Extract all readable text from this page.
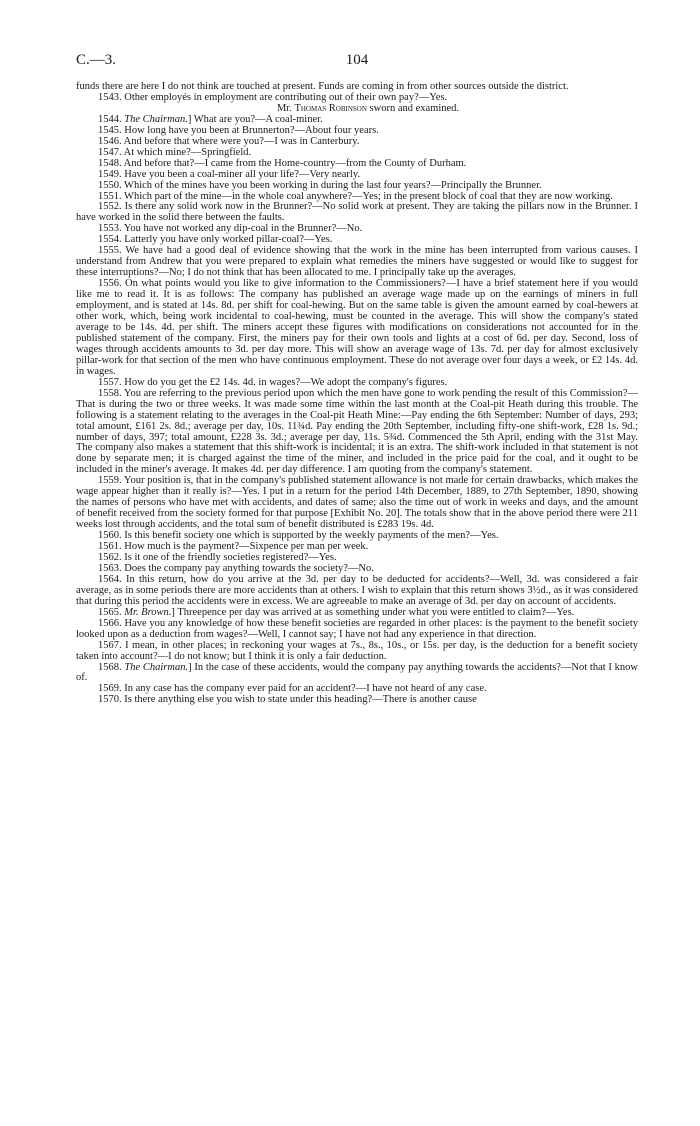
104
C.—3.

funds there are here I do not think are touched at present. Funds are coming in from other sources outside the district.

1543. Other employés in employment are contributing out of their own pay?—Yes.

Mr. Thomas Robinson sworn and examined.

1544. The Chairman.] What are you?—A coal-miner.

1545. How long have you been at Brunnerton?—About four years.

1546. And before that where were you?—I was in Canterbury.

1547. At which mine?—Springfield.

1548. And before that?—I came from the Home-country—from the County of Durham.

1549. Have you been a coal-miner all your life?—Very nearly.

1550. Which of the mines have you been working in during the last four years?—Principally the Brunner.

1551. Which part of the mine—in the whole coal anywhere?—Yes; in the present block of coal that they are now working.

1552. Is there any solid work now in the Brunner?—No solid work at present. They are taking the pillars now in the Brunner. I have worked in the solid there between the faults.

1553. You have not worked any dip-coal in the Brunner?—No.

1554. Latterly you have only worked pillar-coal?—Yes.

1555. We have had a good deal of evidence showing that the work in the mine has been interrupted from various causes. I understand from Andrew that you were prepared to explain what remedies the miners have suggested or would like to suggest for these interruptions?—No; I do not think that has been allocated to me. I principally take up the averages.

1556. On what points would you like to give information to the Commissioners?—I have a brief statement here if you would like me to read it. It is as follows: The company has published an average wage made up on the earnings of miners in full employment, and is stated at 14s. 8d. per shift for coal-hewing. But on the same table is given the amount earned by coal-hewers at other work, which, being work incidental to coal-hewing, must be counted in the average. This will show the company's stated average to be 14s. 4d. per shift. The miners accept these figures with modifications on considerations not accounted for in the published statement of the company. First, the miners pay for their own tools and lights at a cost of 6d. per day. Second, loss of wages through accidents amounts to 3d. per day more. This will show an average wage of 13s. 7d. per day for almost exclusively pillar-work for that section of the men who have continuous employment. These do not average over four days a week, or £2 14s. 4d. in wages.

1557. How do you get the £2 14s. 4d. in wages?—We adopt the company's figures.

1558. You are referring to the previous period upon which the men have gone to work pending the result of this Commission?—That is during the two or three weeks. It was made some time within the last month at the Coal-pit Heath during this trouble. The following is a statement relating to the averages in the Coal-pit Heath Mine:—Pay ending the 6th September: Number of days, 293; total amount, £161 2s. 8d.; average per day, 10s. 11¾d. Pay ending the 20th September, including fifty-one shift-work, £28 1s. 9d.; number of days, 397; total amount, £228 3s. 3d.; average per day, 11s. 5¾d. Commenced the 5th April, ending with the 31st May. The company also makes a statement that this shift-work is incidental; it is an extra. The shift-work included in that statement is not done by separate men; it is charged against the time of the miner, and included in the price paid for the coal, and it ought to be included in the miner's average. It makes 4d. per day difference. I am quoting from the company's statement.

1559. Your position is, that in the company's published statement allowance is not made for certain drawbacks, which makes the wage appear higher than it really is?—Yes. I put in a return for the period 14th December, 1889, to 27th September, 1890, showing the names of persons who have met with accidents, and dates of same; also the time out of work in weeks and days, and the amount of benefit received from the society formed for that purpose [Exhibit No. 20]. The totals show that in the above period there were 211 weeks lost through accidents, and the total sum of benefit distributed is £283 19s. 4d.

1560. Is this benefit society one which is supported by the weekly payments of the men?—Yes.

1561. How much is the payment?—Sixpence per man per week.

1562. Is it one of the friendly societies registered?—Yes.

1563. Does the company pay anything towards the society?—No.

1564. In this return, how do you arrive at the 3d. per day to be deducted for accidents?—Well, 3d. was considered a fair average, as in some periods there are more accidents than at others. I wish to explain that this return shows 3½d., as it was considered that during this period the accidents were in excess. We are agreeable to make an average of 3d. per day on account of accidents.

1565. Mr. Brown.] Threepence per day was arrived at as something under what you were entitled to claim?—Yes.

1566. Have you any knowledge of how these benefit societies are regarded in other places: is the payment to the benefit society looked upon as a deduction from wages?—Well, I cannot say; I have not had any experience in that direction.

1567. I mean, in other places; in reckoning your wages at 7s., 8s., 10s., or 15s. per day, is the deduction for a benefit society taken into account?—I do not know; but I think it is only a fair deduction.

1568. The Chairman.] In the case of these accidents, would the company pay anything towards the accidents?—Not that I know of.

1569. In any case has the company ever paid for an accident?—I have not heard of any case.

1570. Is there anything else you wish to state under this heading?—There is another cause
